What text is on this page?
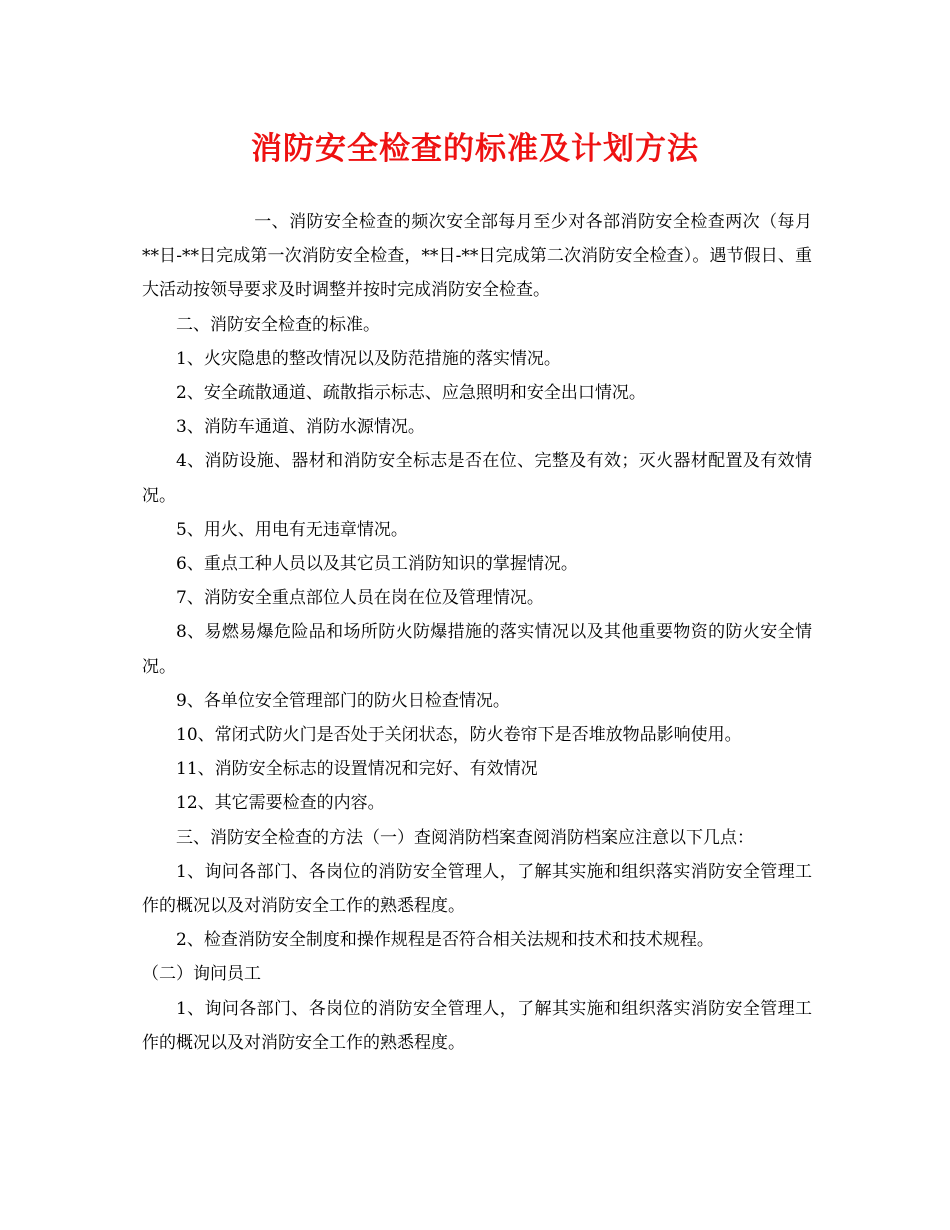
消防安全检查的标准及计划方法

一、消防安全检查的频次安全部每月至少对各部消防安全检查两次（每月**日-**日完成第一次消防安全检查，**日-**日完成第二次消防安全检查）。遇节假日、重大活动按领导要求及时调整并按时完成消防安全检查。

二、消防安全检查的标准。

1、火灾隐患的整改情况以及防范措施的落实情况。

2、安全疏散通道、疏散指示标志、应急照明和安全出口情况。

3、消防车通道、消防水源情况。

4、消防设施、器材和消防安全标志是否在位、完整及有效；灭火器材配置及有效情况。

5、用火、用电有无违章情况。

6、重点工种人员以及其它员工消防知识的掌握情况。

7、消防安全重点部位人员在岗在位及管理情况。

8、易燃易爆危险品和场所防火防爆措施的落实情况以及其他重要物资的防火安全情况。

9、各单位安全管理部门的防火日检查情况。

10、常闭式防火门是否处于关闭状态，防火卷帘下是否堆放物品影响使用。

11、消防安全标志的设置情况和完好、有效情况

12、其它需要检查的内容。

三、消防安全检查的方法（一）查阅消防档案查阅消防档案应注意以下几点：

1、询问各部门、各岗位的消防安全管理人，了解其实施和组织落实消防安全管理工作的概况以及对消防安全工作的熟悉程度。

2、检查消防安全制度和操作规程是否符合相关法规和技术和技术规程。

（二）询问员工

1、询问各部门、各岗位的消防安全管理人，了解其实施和组织落实消防安全管理工作的概况以及对消防安全工作的熟悉程度。
